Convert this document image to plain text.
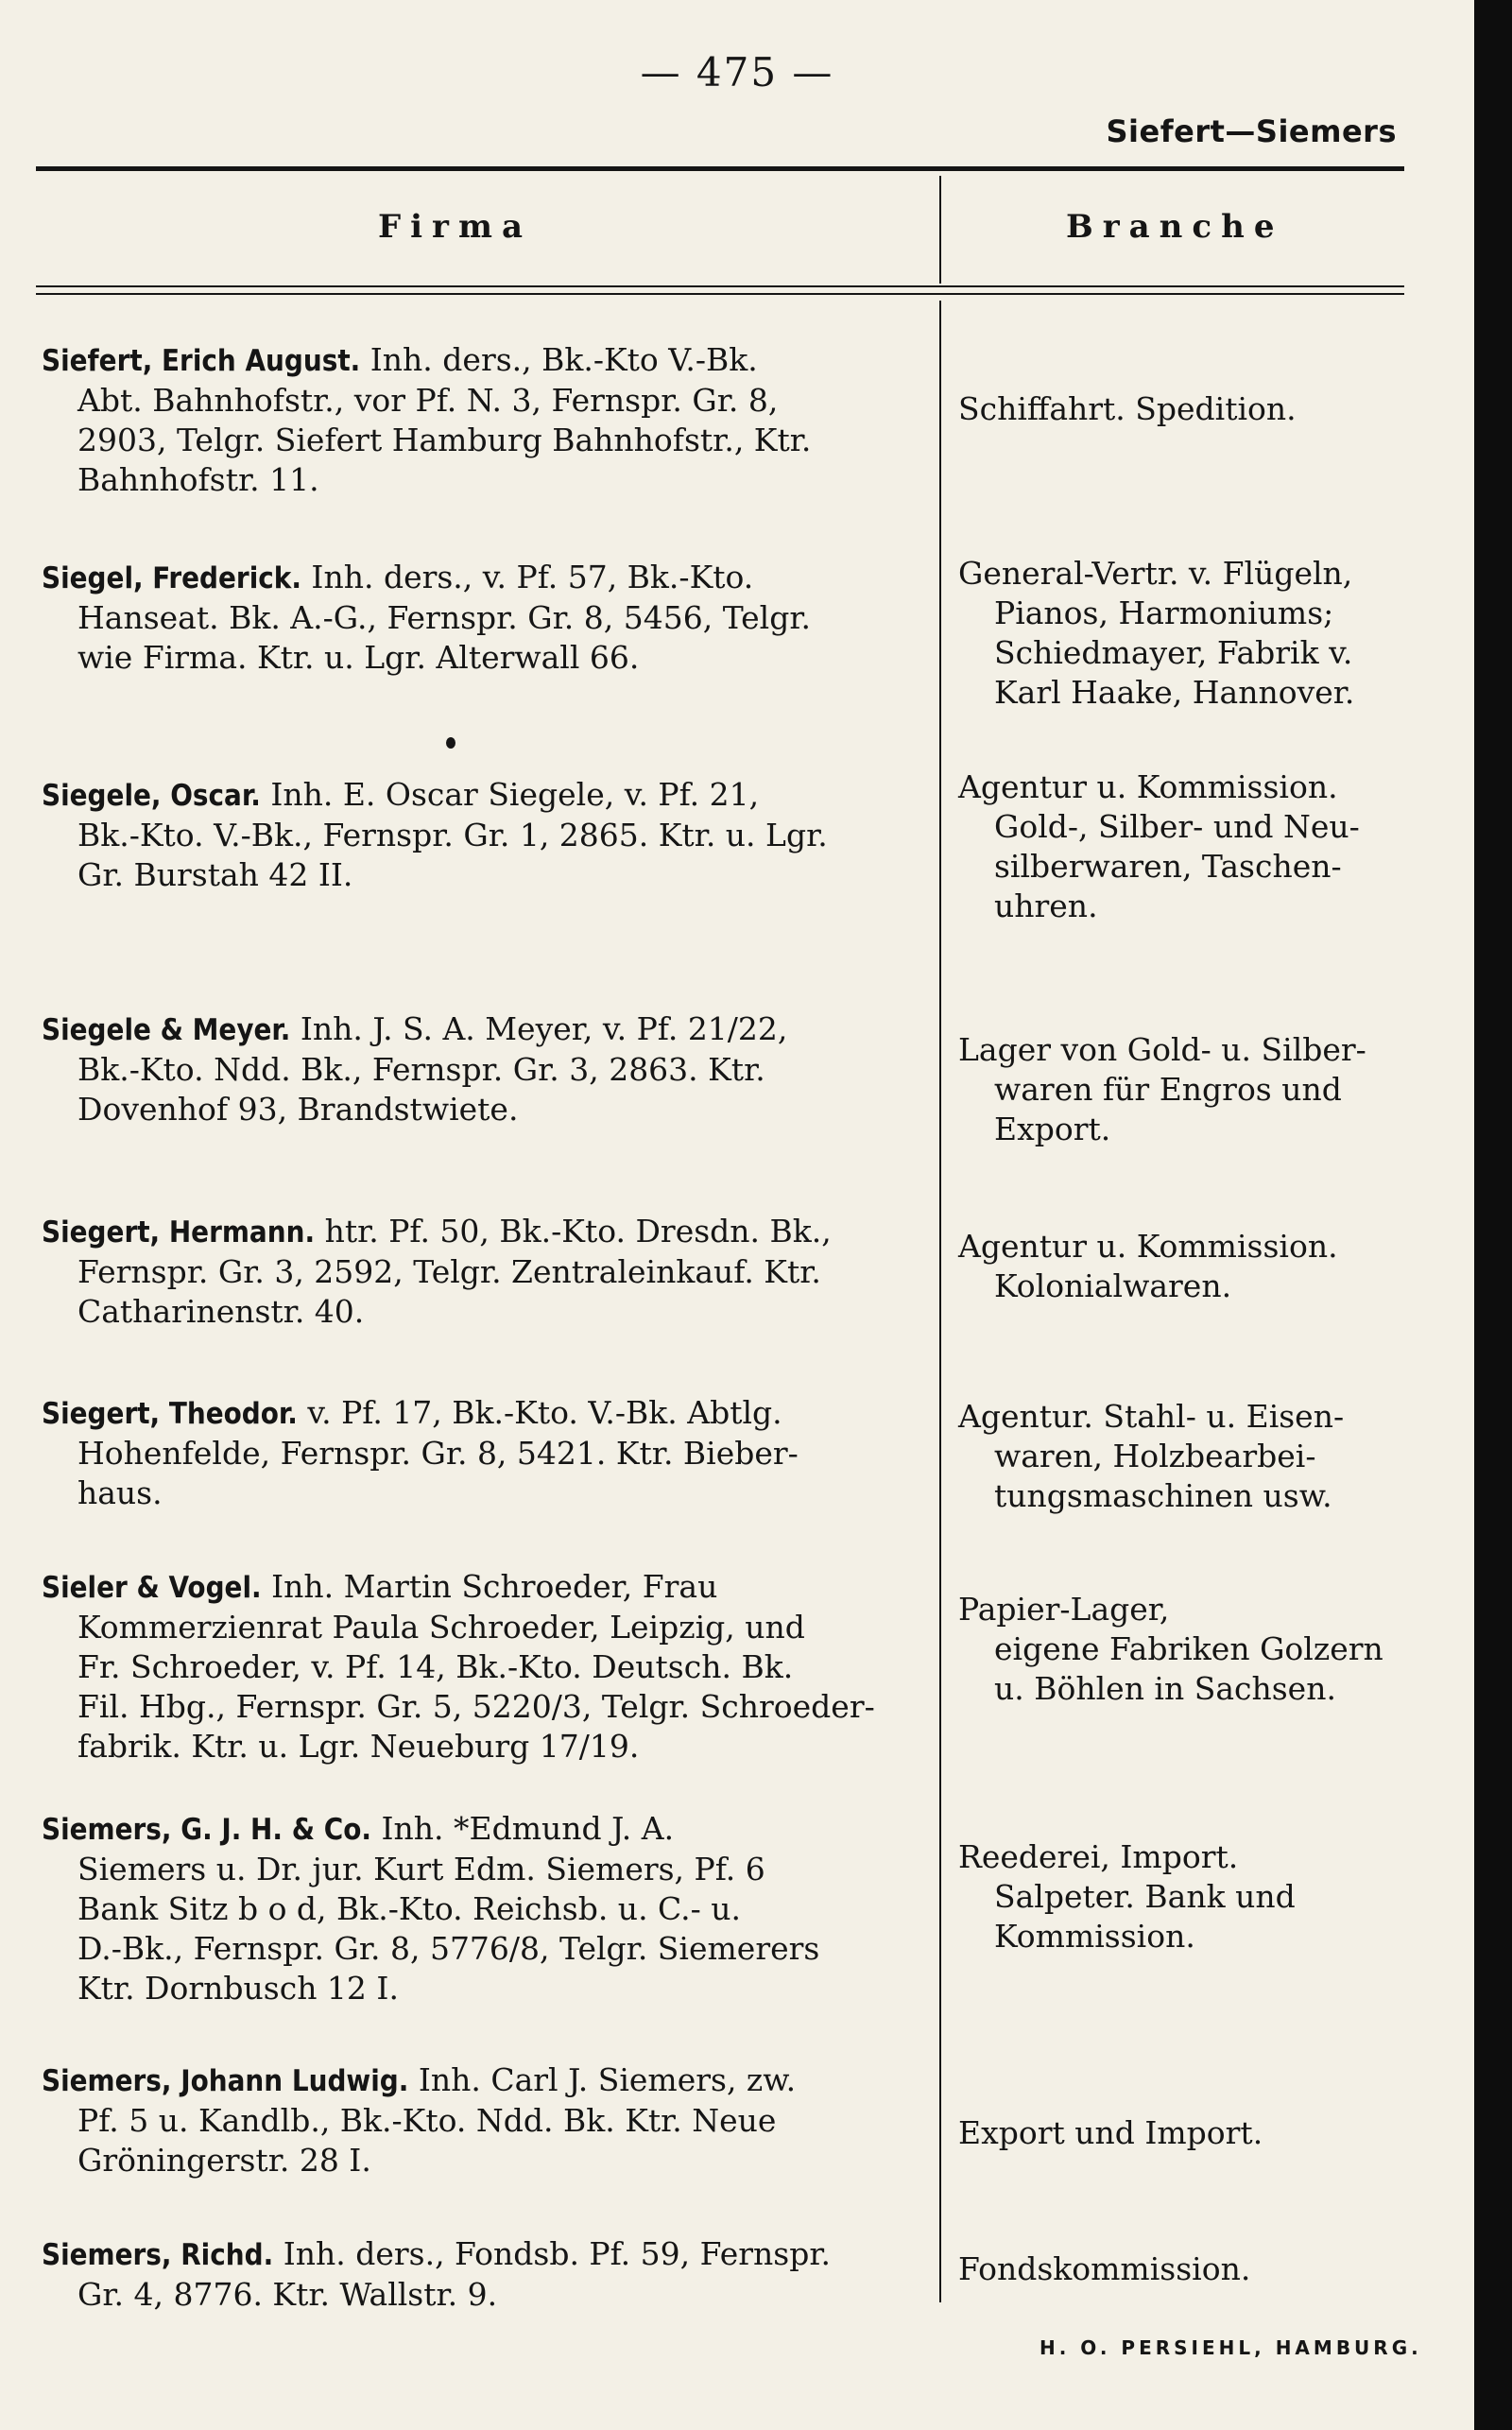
— 475 —
Siefert—Siemers
Firma	Branche
Siefert, Erich August. Inh. ders., Bk.-Kto V.-Bk.
Abt. Bahnhofstr., vor Pf. N. 3, Fernspr. Gr. 8,
2903, Telgr. Siefert Hamburg Bahnhofstr., Ktr.
Bahnhofstr. 11.
Schiffahrt. Spedition.
Siegel, Frederick. Inh. ders., v. Pf. 57, Bk.-Kto.
Hanseat. Bk. A.-G., Fernspr. Gr. 8, 5456, Telgr.
wie Firma. Ktr. u. Lgr. Alterwall 66.
General-Vertr. v. Flügeln,
Pianos, Harmoniums;
Schiedmayer, Fabrik v.
Karl Haake, Hannover.
Siegele, Oscar. Inh. E. Oscar Siegele, v. Pf. 21,
Bk.-Kto. V.-Bk., Fernspr. Gr. 1, 2865. Ktr. u. Lgr.
Gr. Burstah 42 II.
Agentur u. Kommission.
Gold-, Silber- und Neu-
silberwaren, Taschen-
uhren.
Siegele & Meyer. Inh. J. S. A. Meyer, v. Pf. 21/22,
Bk.-Kto. Ndd. Bk., Fernspr. Gr. 3, 2863. Ktr.
Dovenhof 93, Brandstwiete.
Lager von Gold- u. Silber-
waren für Engros und
Export.
Siegert, Hermann. htr. Pf. 50, Bk.-Kto. Dresdn. Bk.,
Fernspr. Gr. 3, 2592, Telgr. Zentraleinkauf. Ktr.
Catharinenstr. 40.
Agentur u. Kommission.
Kolonialwaren.
Siegert, Theodor. v. Pf. 17, Bk.-Kto. V.-Bk. Abtlg.
Hohenfelde, Fernspr. Gr. 8, 5421. Ktr. Bieber-
haus.
Agentur. Stahl- u. Eisen-
waren, Holzbearbei-
tungsmaschinen usw.
Sieler & Vogel. Inh. Martin Schroeder, Frau
Kommerzienrat Paula Schroeder, Leipzig, und
Fr. Schroeder, v. Pf. 14, Bk.-Kto. Deutsch. Bk.
Fil. Hbg., Fernspr. Gr. 5, 5220/3, Telgr. Schroeder-
fabrik. Ktr. u. Lgr. Neueburg 17/19.
Papier-Lager,
eigene Fabriken Golzern
u. Böhlen in Sachsen.
Siemers, G. J. H. & Co. Inh. *Edmund J. A.
Siemers u. Dr. jur. Kurt Edm. Siemers, Pf. 6
Bank Sitz b o d, Bk.-Kto. Reichsb. u. C.- u.
D.-Bk., Fernspr. Gr. 8, 5776/8, Telgr. Siemerers
Ktr. Dornbusch 12 I.
Reederei, Import.
Salpeter. Bank und
Kommission.
Siemers, Johann Ludwig. Inh. Carl J. Siemers, zw.
Pf. 5 u. Kandlb., Bk.-Kto. Ndd. Bk. Ktr. Neue
Gröningerstr. 28 I.
Export und Import.
Siemers, Richd. Inh. ders., Fondsb. Pf. 59, Fernspr.
Gr. 4, 8776. Ktr. Wallstr. 9.
Fondskommission.
H. O. PERSIEHL, HAMBURG.
